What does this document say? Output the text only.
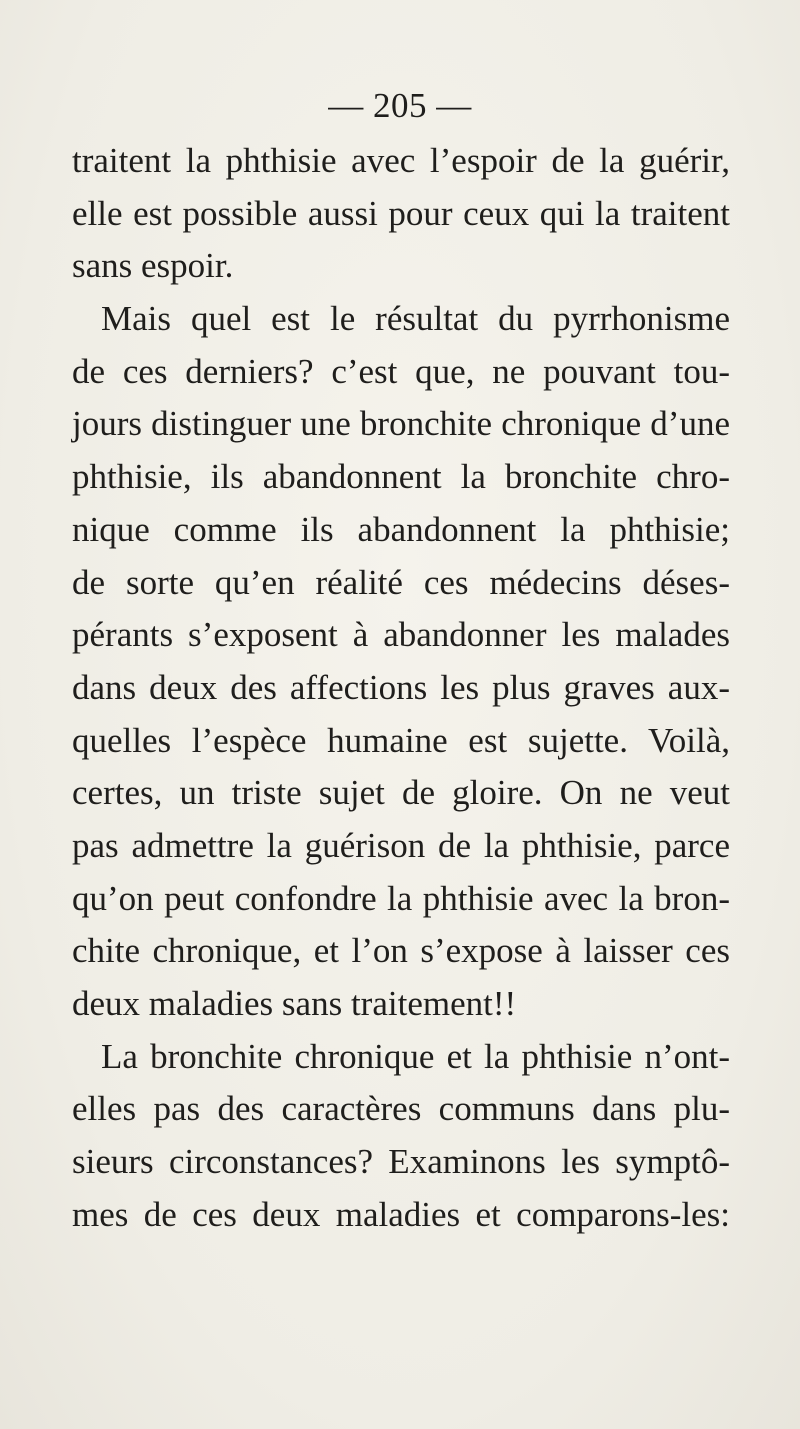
— 205 —

traitent la phthisie avec l’espoir de la guérir,
elle est possible aussi pour ceux qui la traitent
sans espoir.
Mais quel est le résultat du pyrrhonisme
de ces derniers? c’est que, ne pouvant tou-
jours distinguer une bronchite chronique d’une
phthisie, ils abandonnent la bronchite chro-
nique comme ils abandonnent la phthisie;
de sorte qu’en réalité ces médecins déses-
pérants s’exposent à abandonner les malades
dans deux des affections les plus graves aux-
quelles l’espèce humaine est sujette. Voilà,
certes, un triste sujet de gloire. On ne veut
pas admettre la guérison de la phthisie, parce
qu’on peut confondre la phthisie avec la bron-
chite chronique, et l’on s’expose à laisser ces
deux maladies sans traitement!!
La bronchite chronique et la phthisie n’ont-
elles pas des caractères communs dans plu-
sieurs circonstances? Examinons les symptô-
mes de ces deux maladies et comparons-les:
